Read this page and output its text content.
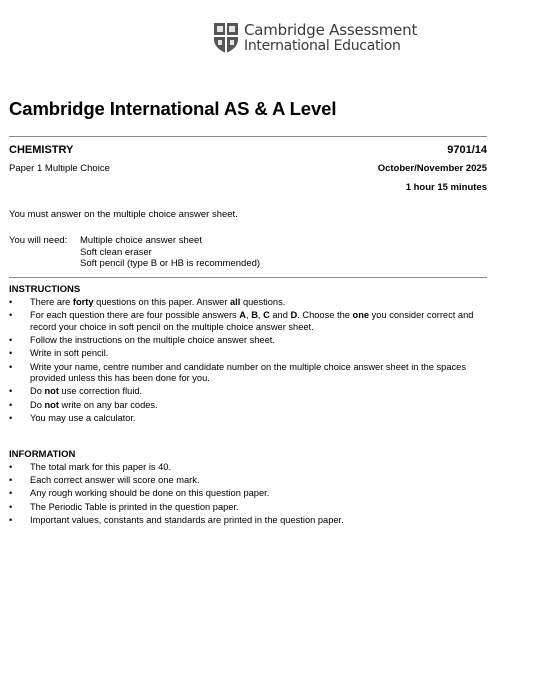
Cambridge Assessment
International Education
Cambridge International AS & A Level
CHEMISTRY	9701/14
Paper 1 Multiple Choice	October/November 2025
1 hour 15 minutes
You must answer on the multiple choice answer sheet.
You will need: Multiple choice answer sheet
Soft clean eraser
Soft pencil (type B or HB is recommended)
INSTRUCTIONS
• There are forty questions on this paper. Answer all questions.
• For each question there are four possible answers A, B, C and D. Choose the one you consider correct and record your choice in soft pencil on the multiple choice answer sheet.
• Follow the instructions on the multiple choice answer sheet.
• Write in soft pencil.
• Write your name, centre number and candidate number on the multiple choice answer sheet in the spaces provided unless this has been done for you.
• Do not use correction fluid.
• Do not write on any bar codes.
• You may use a calculator.
INFORMATION
• The total mark for this paper is 40.
• Each correct answer will score one mark.
• Any rough working should be done on this question paper.
• The Periodic Table is printed in the question paper.
• Important values, constants and standards are printed in the question paper.
